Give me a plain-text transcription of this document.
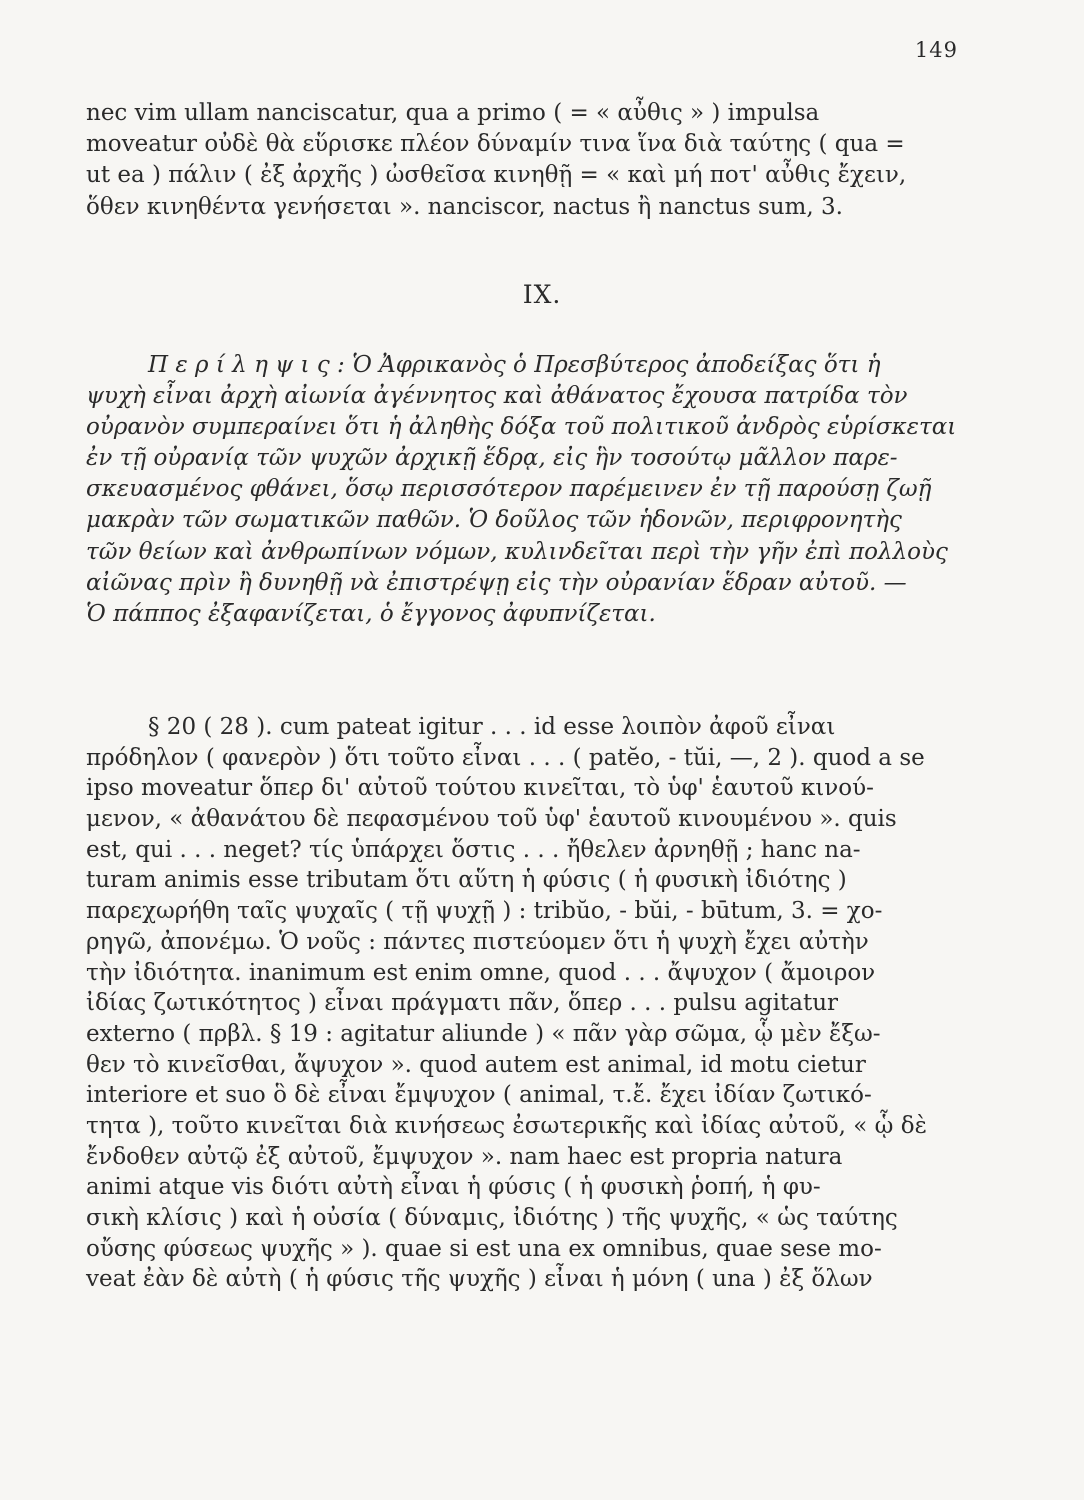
149
nec vim ullam nanciscatur, qua a primo ( = « αὖθις » ) impulsa
moveatur οὐδὲ θὰ εὕρισκε πλέον δύναμίν τινα ἵνα διὰ ταύτης ( qua =
ut ea ) πάλιν ( ἐξ ἀρχῆς ) ὠσθεῖσα κινηθῇ = « καὶ μή ποτ' αὖθις ἔχειν,
ὅθεν κινηθέντα γενήσεται ». nanciscor, nactus ἢ nanctus sum, 3.
IX.
Π ε ρ ί λ η ψ ι ς : Ὁ Ἀφρικανὸς ὁ Πρεσβύτερος ἀποδείξας ὅτι ἡ
ψυχὴ εἶναι ἀρχὴ αἰωνία ἀγέννητος καὶ ἀθάνατος ἔχουσα πατρίδα τὸν
οὐρανὸν συμπεραίνει ὅτι ἡ ἀληθὴς δόξα τοῦ πολιτικοῦ ἀνδρὸς εὑρίσκεται
ἐν τῇ οὐρανίᾳ τῶν ψυχῶν ἀρχικῇ ἕδρᾳ, εἰς ἣν τοσούτῳ μᾶλλον παρε-
σκευασμένος φθάνει, ὅσῳ περισσότερον παρέμεινεν ἐν τῇ παρούσῃ ζωῇ
μακρὰν τῶν σωματικῶν παθῶν. Ὁ δοῦλος τῶν ἡδονῶν, περιφρονητὴς
τῶν θείων καὶ ἀνθρωπίνων νόμων, κυλινδεῖται περὶ τὴν γῆν ἐπὶ πολλοὺς
αἰῶνας πρὶν ἢ δυνηθῇ νὰ ἐπιστρέψῃ εἰς τὴν οὐρανίαν ἕδραν αὐτοῦ. —
Ὁ πάππος ἐξαφανίζεται, ὁ ἔγγονος ἀφυπνίζεται.
§ 20 ( 28 ). cum pateat igitur . . . id esse λοιπὸν ἀφοῦ εἶναι
πρόδηλον ( φανερὸν ) ὅτι τοῦτο εἶναι . . . ( patĕo, - tŭi, —, 2 ). quod a se
ipso moveatur ὅπερ δι' αὐτοῦ τούτου κινεῖται, τὸ ὑφ' ἑαυτοῦ κινού-
μενον, « ἀθανάτου δὲ πεφασμένου τοῦ ὑφ' ἑαυτοῦ κινουμένου ». quis
est, qui . . . neget? τίς ὑπάρχει ὅστις . . . ἤθελεν ἀρνηθῇ ; hanc na-
turam animis esse tributam ὅτι αὕτη ἡ φύσις ( ἡ φυσικὴ ἰδιότης )
παρεχωρήθη ταῖς ψυχαῖς ( τῇ ψυχῇ ) : tribŭo, - bŭi, - būtum, 3. = χο-
ρηγῶ, ἀπονέμω. Ὁ νοῦς : πάντες πιστεύομεν ὅτι ἡ ψυχὴ ἔχει αὐτὴν
τὴν ἰδιότητα. inanimum est enim omne, quod . . . ἄψυχον ( ἄμοιρον
ἰδίας ζωτικότητος ) εἶναι πράγματι πᾶν, ὅπερ . . . pulsu agitatur
externo ( πρβλ. § 19 : agitatur aliunde ) « πᾶν γὰρ σῶμα, ᾧ μὲν ἔξω-
θεν τὸ κινεῖσθαι, ἄψυχον ». quod autem est animal, id motu cietur
interiore et suo ὃ δὲ εἶναι ἔμψυχον ( animal, τ.ἔ. ἔχει ἰδίαν ζωτικό-
τητα ), τοῦτο κινεῖται διὰ κινήσεως ἐσωτερικῆς καὶ ἰδίας αὐτοῦ, « ᾧ δὲ
ἔνδοθεν αὐτῷ ἐξ αὐτοῦ, ἔμψυχον ». nam haec est propria natura
animi atque vis διότι αὐτὴ εἶναι ἡ φύσις ( ἡ φυσικὴ ῥοπή, ἡ φυ-
σικὴ κλίσις ) καὶ ἡ οὐσία ( δύναμις, ἰδιότης ) τῆς ψυχῆς, « ὡς ταύτης
οὔσης φύσεως ψυχῆς » ). quae si est una ex omnibus, quae sese mo-
veat ἐὰν δὲ αὐτὴ ( ἡ φύσις τῆς ψυχῆς ) εἶναι ἡ μόνη ( una ) ἐξ ὅλων
